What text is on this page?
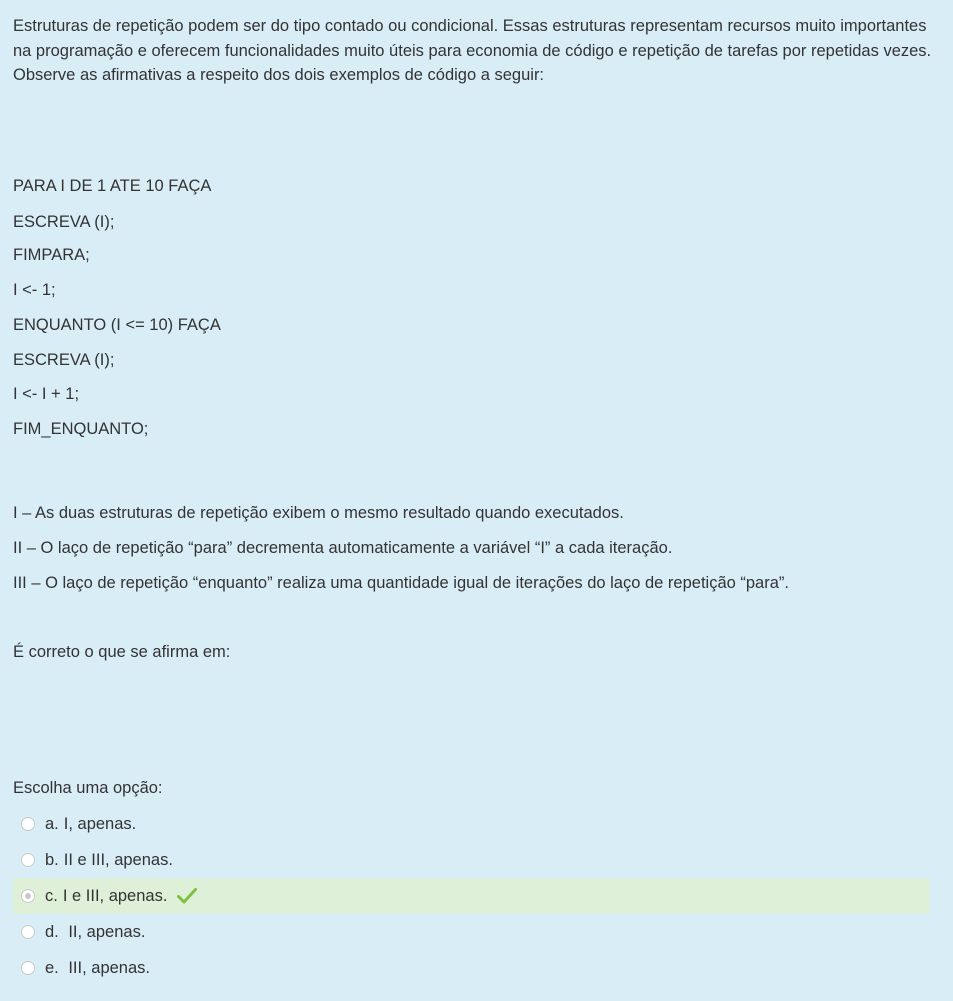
Estruturas de repetição podem ser do tipo contado ou condicional. Essas estruturas representam recursos muito importantes na programação e oferecem funcionalidades muito úteis para economia de código e repetição de tarefas por repetidas vezes. Observe as afirmativas a respeito dos dois exemplos de código a seguir:

PARA I DE 1 ATE 10 FAÇA

ESCREVA (I);

FIMPARA;

I <- 1;

ENQUANTO (I <= 10) FAÇA

ESCREVA (I);

I <- I + 1;

FIM_ENQUANTO;

I – As duas estruturas de repetição exibem o mesmo resultado quando executados.

II – O laço de repetição “para” decrementa automaticamente a variável “I” a cada iteração.

III – O laço de repetição “enquanto” realiza uma quantidade igual de iterações do laço de repetição “para”.

É correto o que se afirma em:

Escolha uma opção:

a. I, apenas.
b. II e III, apenas.
c. I e III, apenas.
d. II, apenas.
e. III, apenas.
